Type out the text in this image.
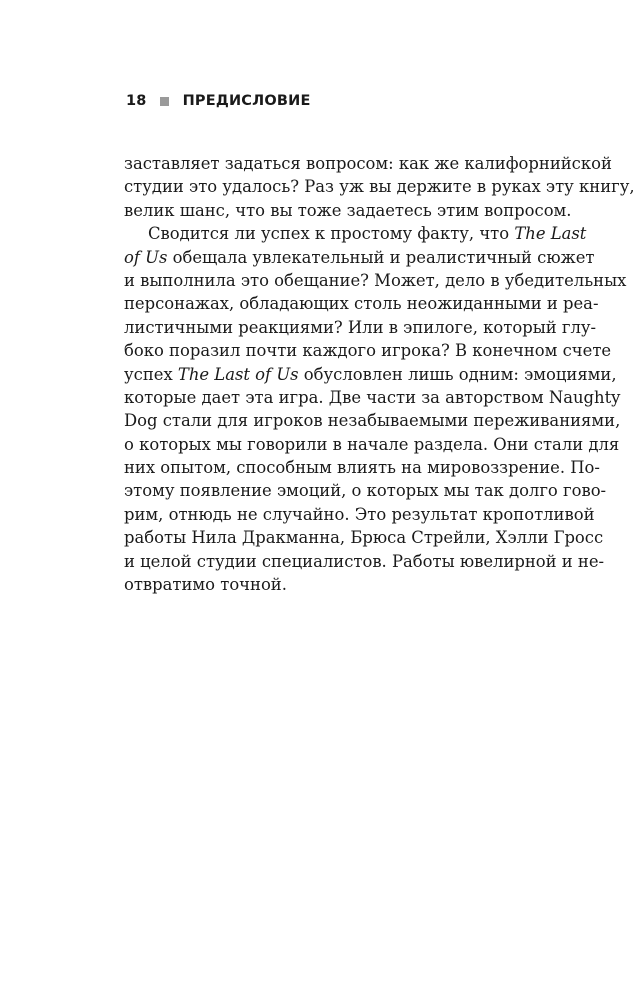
18 ПРЕДИСЛОВИЕ
заставляет задаться вопросом: как же калифорнийской
студии это удалось? Раз уж вы держите в руках эту книгу,
велик шанс, что вы тоже задаетесь этим вопросом.
Сводится ли успех к простому факту, что The Last
of Us обещала увлекательный и реалистичный сюжет
и выполнила это обещание? Может, дело в убедительных
персонажах, обладающих столь неожиданными и реа-
листичными реакциями? Или в эпилоге, который глу-
боко поразил почти каждого игрока? В конечном счете
успех The Last of Us обусловлен лишь одним: эмоциями,
которые дает эта игра. Две части за авторством Naughty
Dog стали для игроков незабываемыми переживаниями,
о которых мы говорили в начале раздела. Они стали для
них опытом, способным влиять на мировоззрение. По-
этому появление эмоций, о которых мы так долго гово-
рим, отнюдь не случайно. Это результат кропотливой
работы Нила Дракманна, Брюса Стрейли, Хэлли Гросс
и целой студии специалистов. Работы ювелирной и не-
отвратимо точной.
